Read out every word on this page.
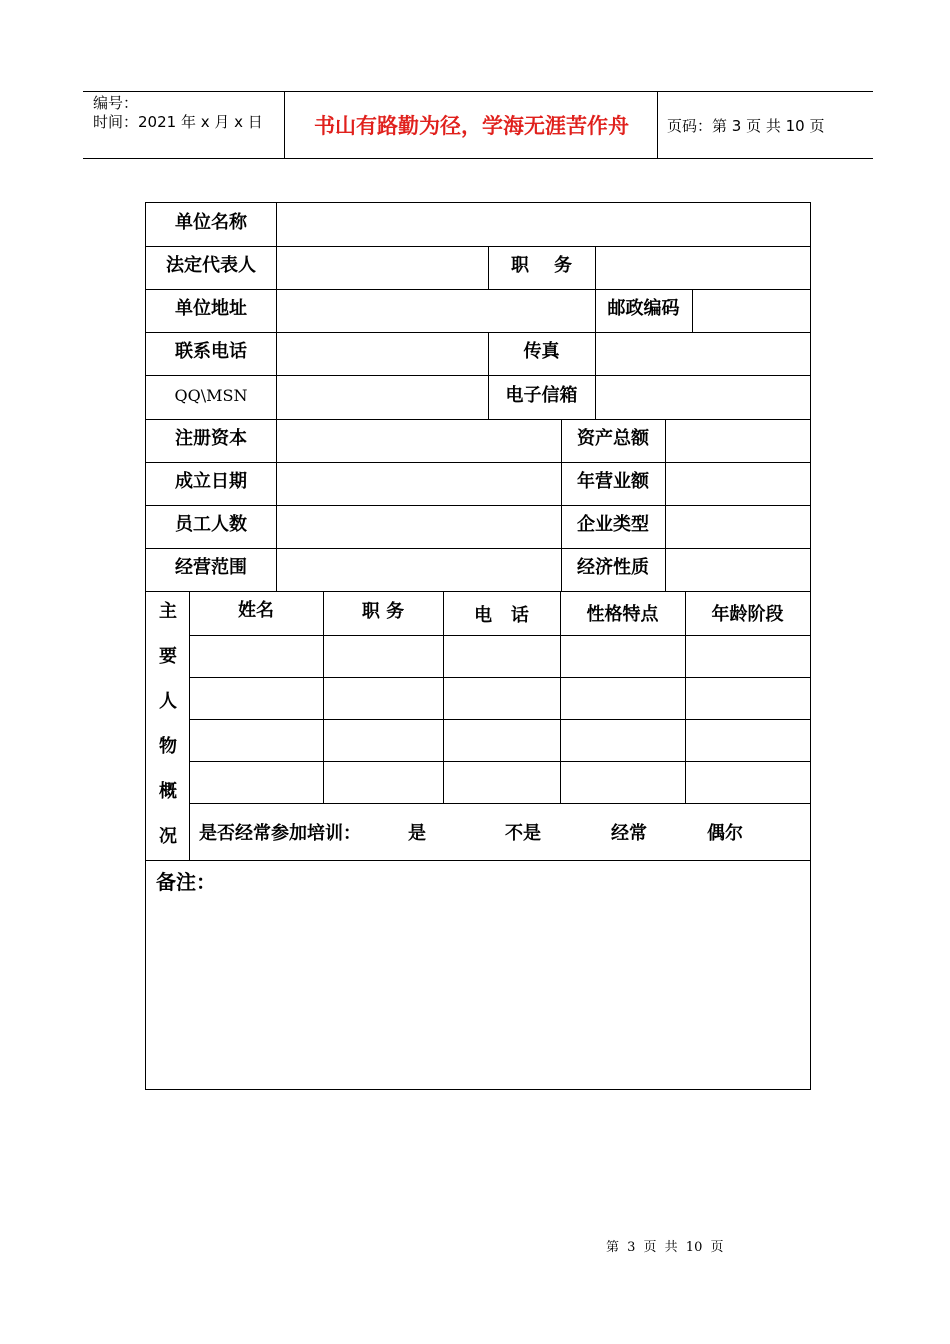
编号：
时间：2021 年 x 月 x 日	书山有路勤为径，学海无涯苦作舟	页码：第 3 页 共 10 页
单位名称
法定代表人	职    务
单位地址	邮政编码
联系电话	传真
QQ\MSN	电子信箱
注册资本	资产总额
成立日期	年营业额
员工人数	企业类型
经营范围	经济性质
主
要
人
物
概
况
姓名	职 务	电   话	性格特点	年龄阶段
是否经常参加培训：	是	不是	经常	偶尔
备注：
第 3 页 共 10 页
